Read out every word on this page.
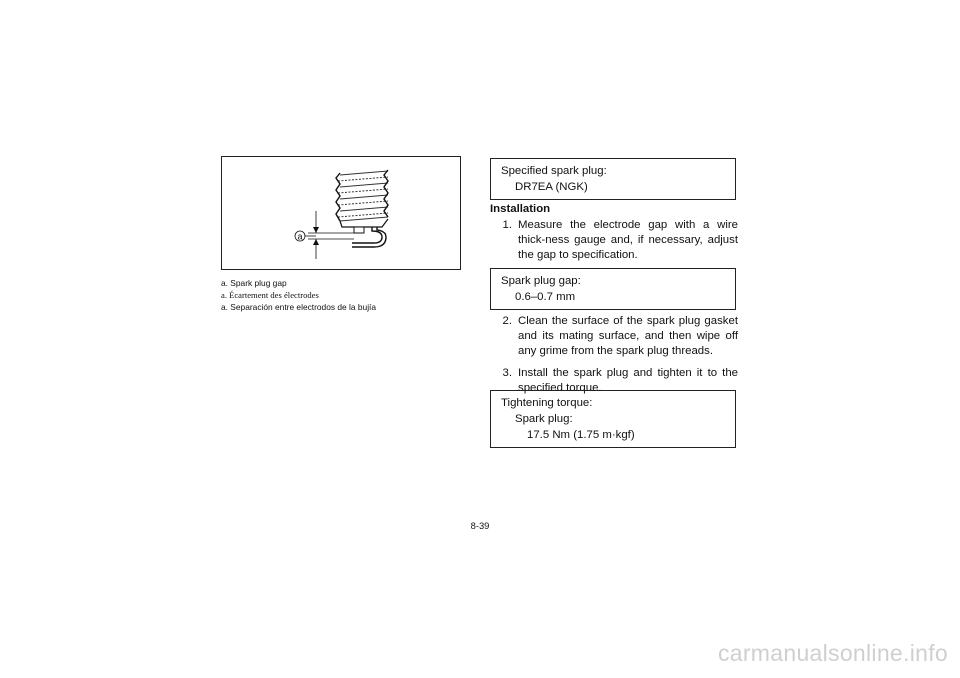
a

a. Spark plug gap

a. Écartement des électrodes

a. Separación entre electrodos de la bujía

Specified spark plug:

DR7EA (NGK)

Installation
1. Measure the electrode gap with a wire thick-ness gauge and, if necessary, adjust the gap to specification.

Spark plug gap:

0.6–0.7 mm

2. Clean the surface of the spark plug gasket and its mating surface, and then wipe off any grime from the spark plug threads.
3. Install the spark plug and tighten it to the specified torque.

Tightening torque:

Spark plug:

17.5 Nm (1.75 m·kgf)

8-39
carmanualsonline.info
